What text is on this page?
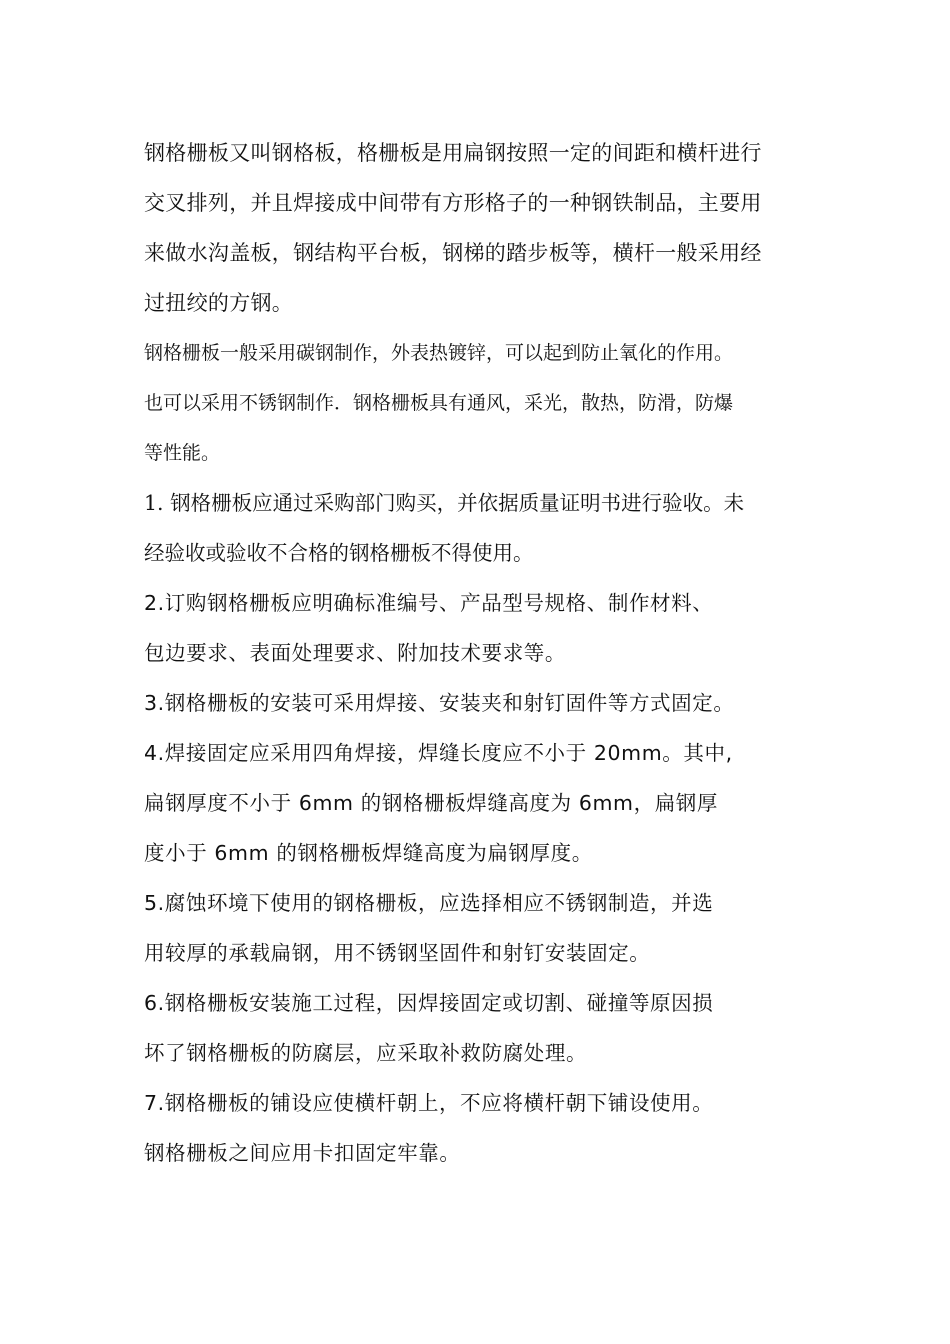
钢格栅板又叫钢格板，格栅板是用扁钢按照一定的间距和横杆进行
交叉排列，并且焊接成中间带有方形格子的一种钢铁制品，主要用
来做水沟盖板，钢结构平台板，钢梯的踏步板等，横杆一般采用经
过扭绞的方钢。
钢格栅板一般采用碳钢制作，外表热镀锌，可以起到防止氧化的作用。
也可以采用不锈钢制作．钢格栅板具有通风，采光，散热，防滑，防爆
等性能。
1. 钢格栅板应通过采购部门购买，并依据质量证明书进行验收。未
经验收或验收不合格的钢格栅板不得使用。
2.订购钢格栅板应明确标准编号、产品型号规格、制作材料、
包边要求、表面处理要求、附加技术要求等。
3.钢格栅板的安装可采用焊接、安装夹和射钉固件等方式固定。
4.焊接固定应采用四角焊接，焊缝长度应不小于 20mm。其中,
扁钢厚度不小于 6mm 的钢格栅板焊缝高度为 6mm，扁钢厚
度小于 6mm 的钢格栅板焊缝高度为扁钢厚度。
5.腐蚀环境下使用的钢格栅板，应选择相应不锈钢制造，并选
用较厚的承载扁钢，用不锈钢坚固件和射钉安装固定。
6.钢格栅板安装施工过程，因焊接固定或切割、碰撞等原因损
坏了钢格栅板的防腐层，应采取补救防腐处理。
7.钢格栅板的铺设应使横杆朝上，不应将横杆朝下铺设使用。
钢格栅板之间应用卡扣固定牢靠。
